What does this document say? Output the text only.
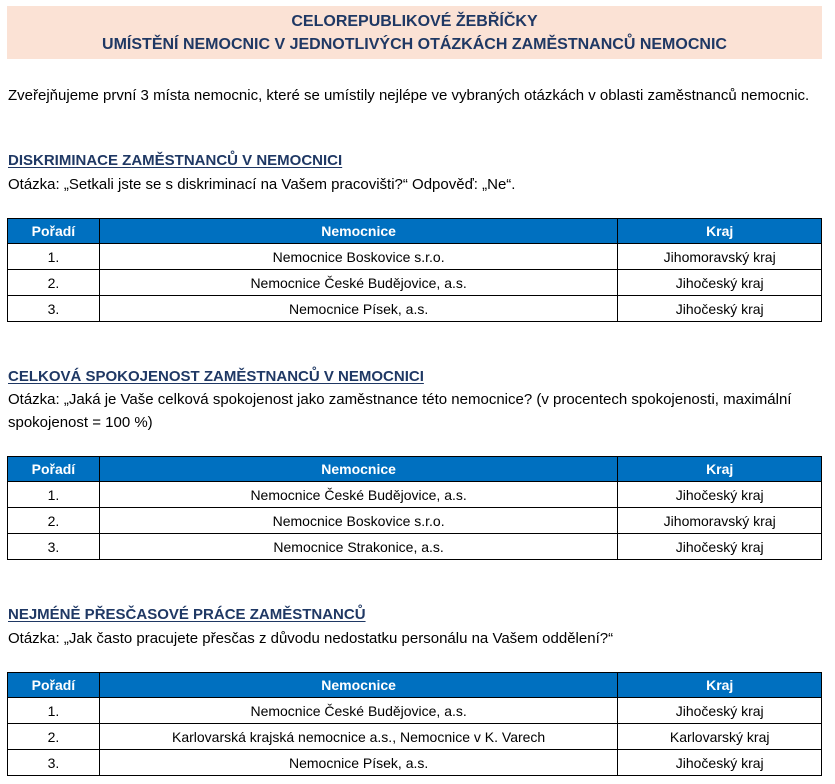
CELOREPUBLIKOVÉ ŽEBŘÍČKY
UMÍSTĚNÍ NEMOCNIC V JEDNOTLIVÝCH OTÁZKÁCH ZAMĚSTNANCŮ NEMOCNIC
Zveřejňujeme první 3 místa nemocnic, které se umístily nejlépe ve vybraných otázkách v oblasti zaměstnanců nemocnic.
DISKRIMINACE ZAMĚSTNANCŮ V NEMOCNICI
Otázka: „Setkali jste se s diskriminací na Vašem pracovišti?“ Odpověď: „Ne“.
Pořadí	Nemocnice	Kraj
1.	Nemocnice Boskovice s.r.o.	Jihomoravský kraj
2.	Nemocnice České Budějovice, a.s.	Jihočeský kraj
3.	Nemocnice Písek, a.s.	Jihočeský kraj
CELKOVÁ SPOKOJENOST ZAMĚSTNANCŮ V NEMOCNICI
Otázka: „Jaká je Vaše celková spokojenost jako zaměstnance této nemocnice? (v procentech spokojenosti, maximální spokojenost = 100 %)
Pořadí	Nemocnice	Kraj
1.	Nemocnice České Budějovice, a.s.	Jihočeský kraj
2.	Nemocnice Boskovice s.r.o.	Jihomoravský kraj
3.	Nemocnice Strakonice, a.s.	Jihočeský kraj
NEJMÉNĚ PŘESČASOVÉ PRÁCE ZAMĚSTNANCŮ
Otázka: „Jak často pracujete přesčas z důvodu nedostatku personálu na Vašem oddělení?“
Pořadí	Nemocnice	Kraj
1.	Nemocnice České Budějovice, a.s.	Jihočeský kraj
2.	Karlovarská krajská nemocnice a.s., Nemocnice v K. Varech	Karlovarský kraj
3.	Nemocnice Písek, a.s.	Jihočeský kraj
